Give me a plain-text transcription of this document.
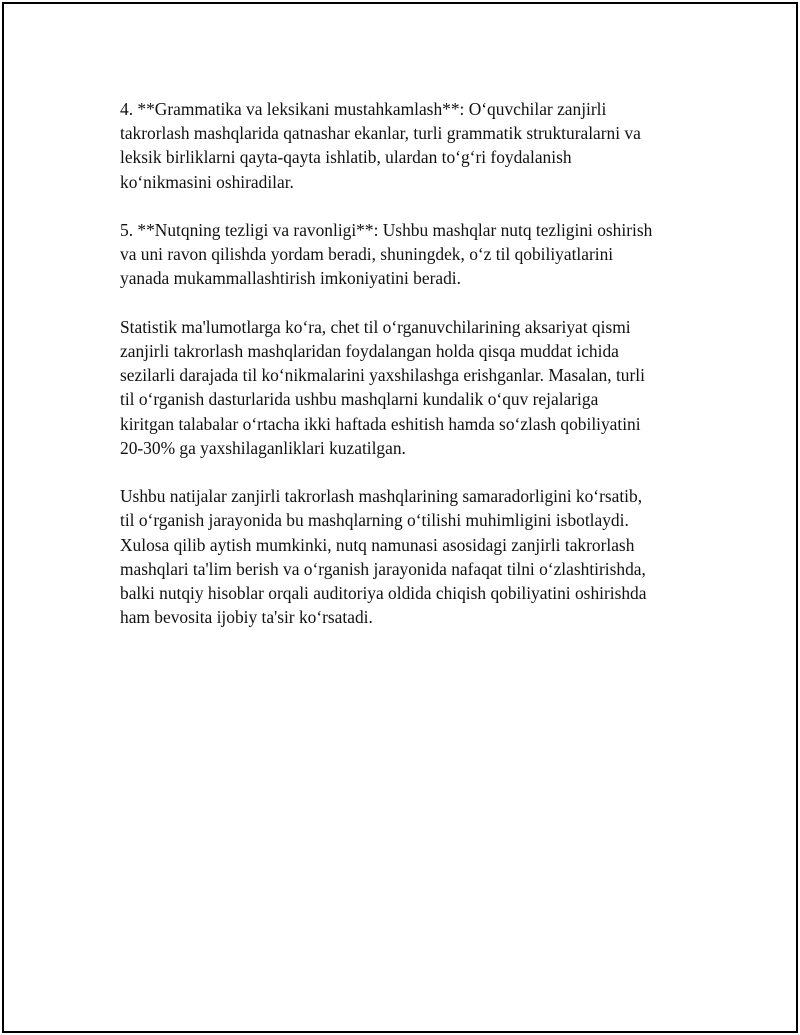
4. **Grammatika va leksikani mustahkamlash**: O‘quvchilar zanjirli
takrorlash mashqlarida qatnashar ekanlar, turli grammatik strukturalarni va
leksik birliklarni qayta-qayta ishlatib, ulardan to‘g‘ri foydalanish
ko‘nikmasini oshiradilar.

5. **Nutqning tezligi va ravonligi**: Ushbu mashqlar nutq tezligini oshirish
va uni ravon qilishda yordam beradi, shuningdek, o‘z til qobiliyatlarini
yanada mukammallashtirish imkoniyatini beradi.

Statistik ma'lumotlarga ko‘ra, chet til o‘rganuvchilarining aksariyat qismi
zanjirli takrorlash mashqlaridan foydalangan holda qisqa muddat ichida
sezilarli darajada til ko‘nikmalarini yaxshilashga erishganlar. Masalan, turli
til o‘rganish dasturlarida ushbu mashqlarni kundalik o‘quv rejalariga
kiritgan talabalar o‘rtacha ikki haftada eshitish hamda so‘zlash qobiliyatini
20-30% ga yaxshilaganliklari kuzatilgan.

Ushbu natijalar zanjirli takrorlash mashqlarining samaradorligini ko‘rsatib,
til o‘rganish jarayonida bu mashqlarning o‘tilishi muhimligini isbotlaydi.
Xulosa qilib aytish mumkinki, nutq namunasi asosidagi zanjirli takrorlash
mashqlari ta'lim berish va o‘rganish jarayonida nafaqat tilni o‘zlashtirishda,
balki nutqiy hisoblar orqali auditoriya oldida chiqish qobiliyatini oshirishda
ham bevosita ijobiy ta'sir ko‘rsatadi.
